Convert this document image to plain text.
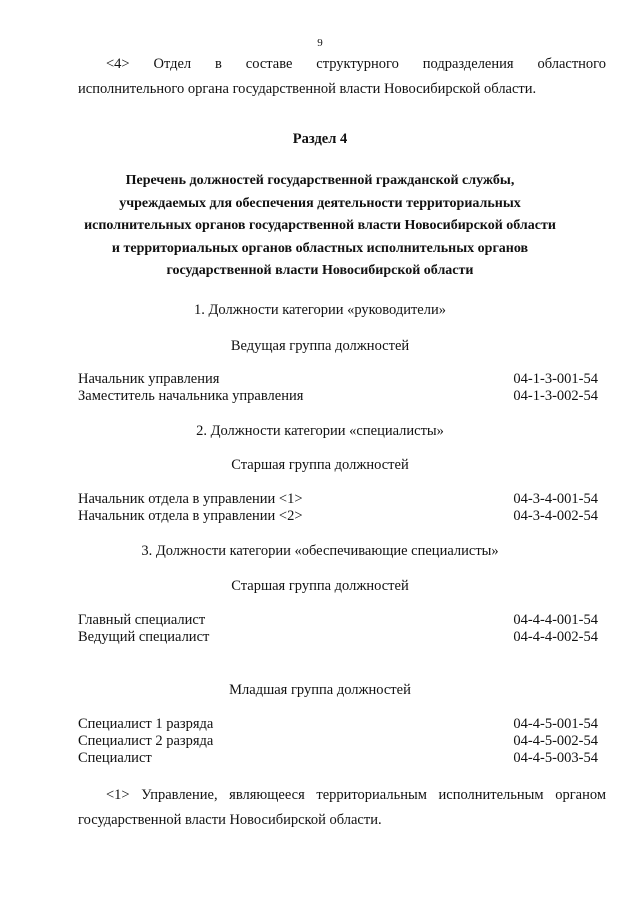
9
<4> Отдел в составе структурного подразделения областного
исполнительного органа государственной власти Новосибирской области.
Раздел 4
Перечень должностей государственной гражданской службы,
учреждаемых для обеспечения деятельности территориальных
исполнительных органов государственной власти Новосибирской области
и территориальных органов областных исполнительных органов
государственной власти Новосибирской области
1. Должности категории «руководители»
Ведущая группа должностей
Начальник управления	04-1-3-001-54
Заместитель начальника управления	04-1-3-002-54
2. Должности категории «специалисты»
Старшая группа должностей
Начальник отдела в управлении <1>	04-3-4-001-54
Начальник отдела в управлении <2>	04-3-4-002-54
3. Должности категории «обеспечивающие специалисты»
Старшая группа должностей
Главный специалист	04-4-4-001-54
Ведущий специалист	04-4-4-002-54
Младшая группа должностей
Специалист 1 разряда	04-4-5-001-54
Специалист 2 разряда	04-4-5-002-54
Специалист	04-4-5-003-54
<1> Управление, являющееся территориальным исполнительным органом
государственной власти Новосибирской области.
